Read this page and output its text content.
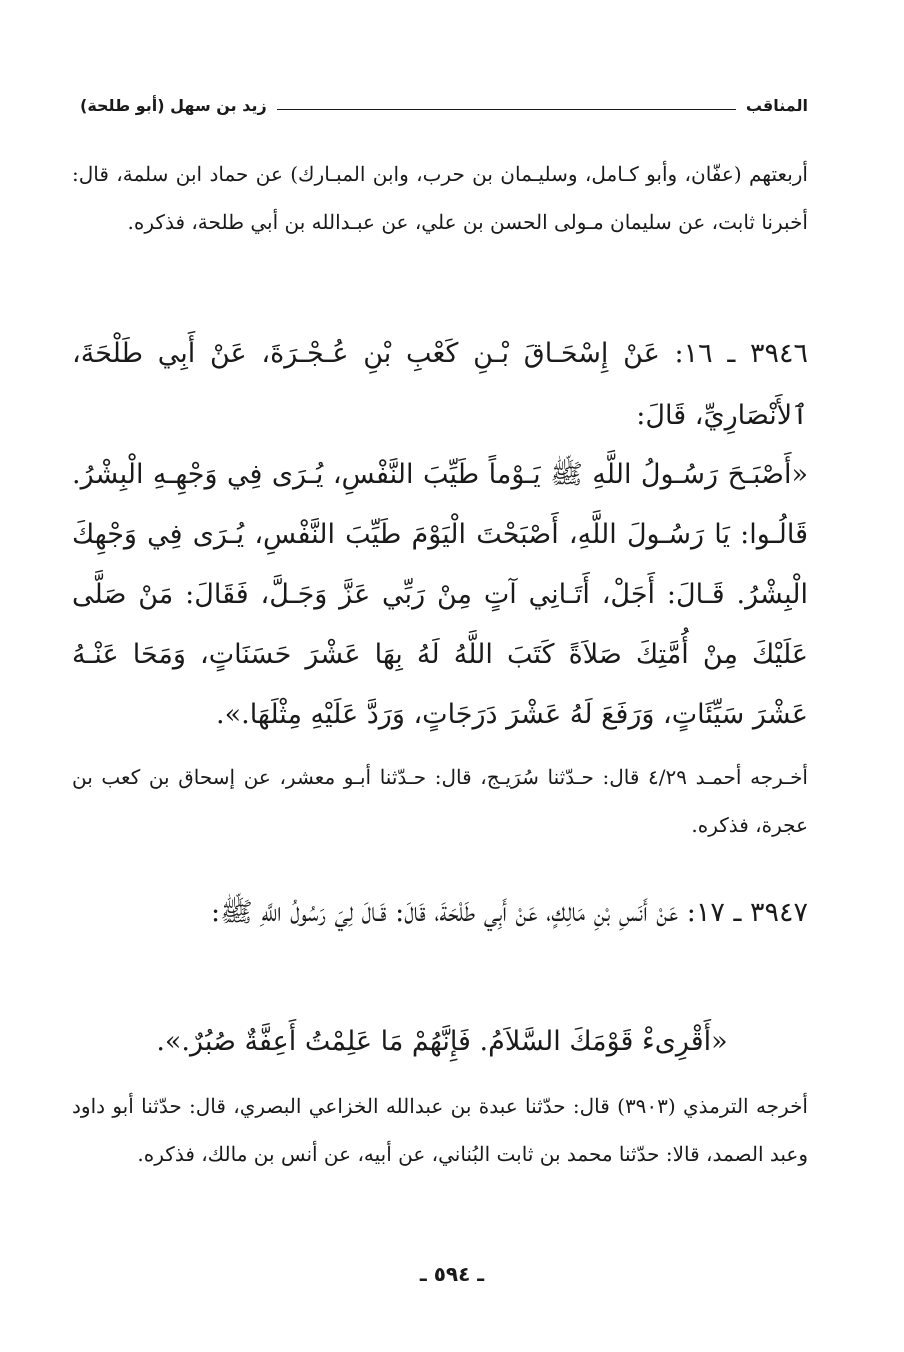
المناقب
زيد بن سهل (أبو طلحة)

أربعتهم (عفّان، وأبو كـامل، وسليـمان بن حرب، وابن المبـارك) عن حماد ابن سلمة، قال: أخبرنا ثابت، عن سليمان مـولى الحسن بن علي، عن عبـدالله بن أبي طلحة، فذكره.

٣٩٤٦ ـ ١٦: عَنْ إِسْحَـاقَ بْـنِ كَعْبِ بْنِ عُـجْـرَةَ، عَنْ أَبِي طَلْحَةَ، ٱلأَنْصَارِيِّ، قَالَ:

«أَصْبَـحَ رَسُـولُ اللَّهِ ﷺ يَـوْماً طَيِّبَ النَّفْسِ، يُـرَى فِي وَجْهِـهِ الْبِشْرُ. قَالُـوا: يَا رَسُـولَ اللَّهِ، أَصْبَحْتَ الْيَوْمَ طَيِّبَ النَّفْسِ، يُـرَى فِي وَجْهِكَ الْبِشْرُ. قَـالَ: أَجَلْ، أَتَـانِي آتٍ مِنْ رَبِّي عَزَّ وَجَـلَّ، فَقَالَ: مَنْ صَلَّى عَلَيْكَ مِنْ أُمَّتِكَ صَلاَةً كَتَبَ اللَّهُ لَهُ بِهَا عَشْرَ حَسَنَاتٍ، وَمَحَا عَنْـهُ عَشْرَ سَيِّئَاتٍ، وَرَفَعَ لَهُ عَشْرَ دَرَجَاتٍ، وَرَدَّ عَلَيْهِ مِثْلَهَا.».

أخـرجه أحمـد ٤/٢٩ قال: حـدّثنا سُرَيـج، قال: حـدّثنا أبـو معشر، عن إسحاق بن كعب بن عجرة، فذكره.

٣٩٤٧ ـ ١٧: عَنْ أَنَسِ بْنِ مَالِكٍ، عَنْ أَبِي طَلْحَةَ، قَالَ: قَـالَ لِيَ رَسُولُ اللَّهِ ﷺ:

«أَقْرِىءْ قَوْمَكَ السَّلاَمُ. فَإِنَّهُمْ مَا عَلِمْتُ أَعِفَّةٌ صُبُرٌ.».

أخرجه الترمذي (٣٩٠٣) قال: حدّثنا عبدة بن عبدالله الخزاعي البصري، قال: حدّثنا أبو داود وعبد الصمد، قالا: حدّثنا محمد بن ثابت البُناني، عن أبيه، عن أنس بن مالك، فذكره.

ـ ٥٩٤ ـ
